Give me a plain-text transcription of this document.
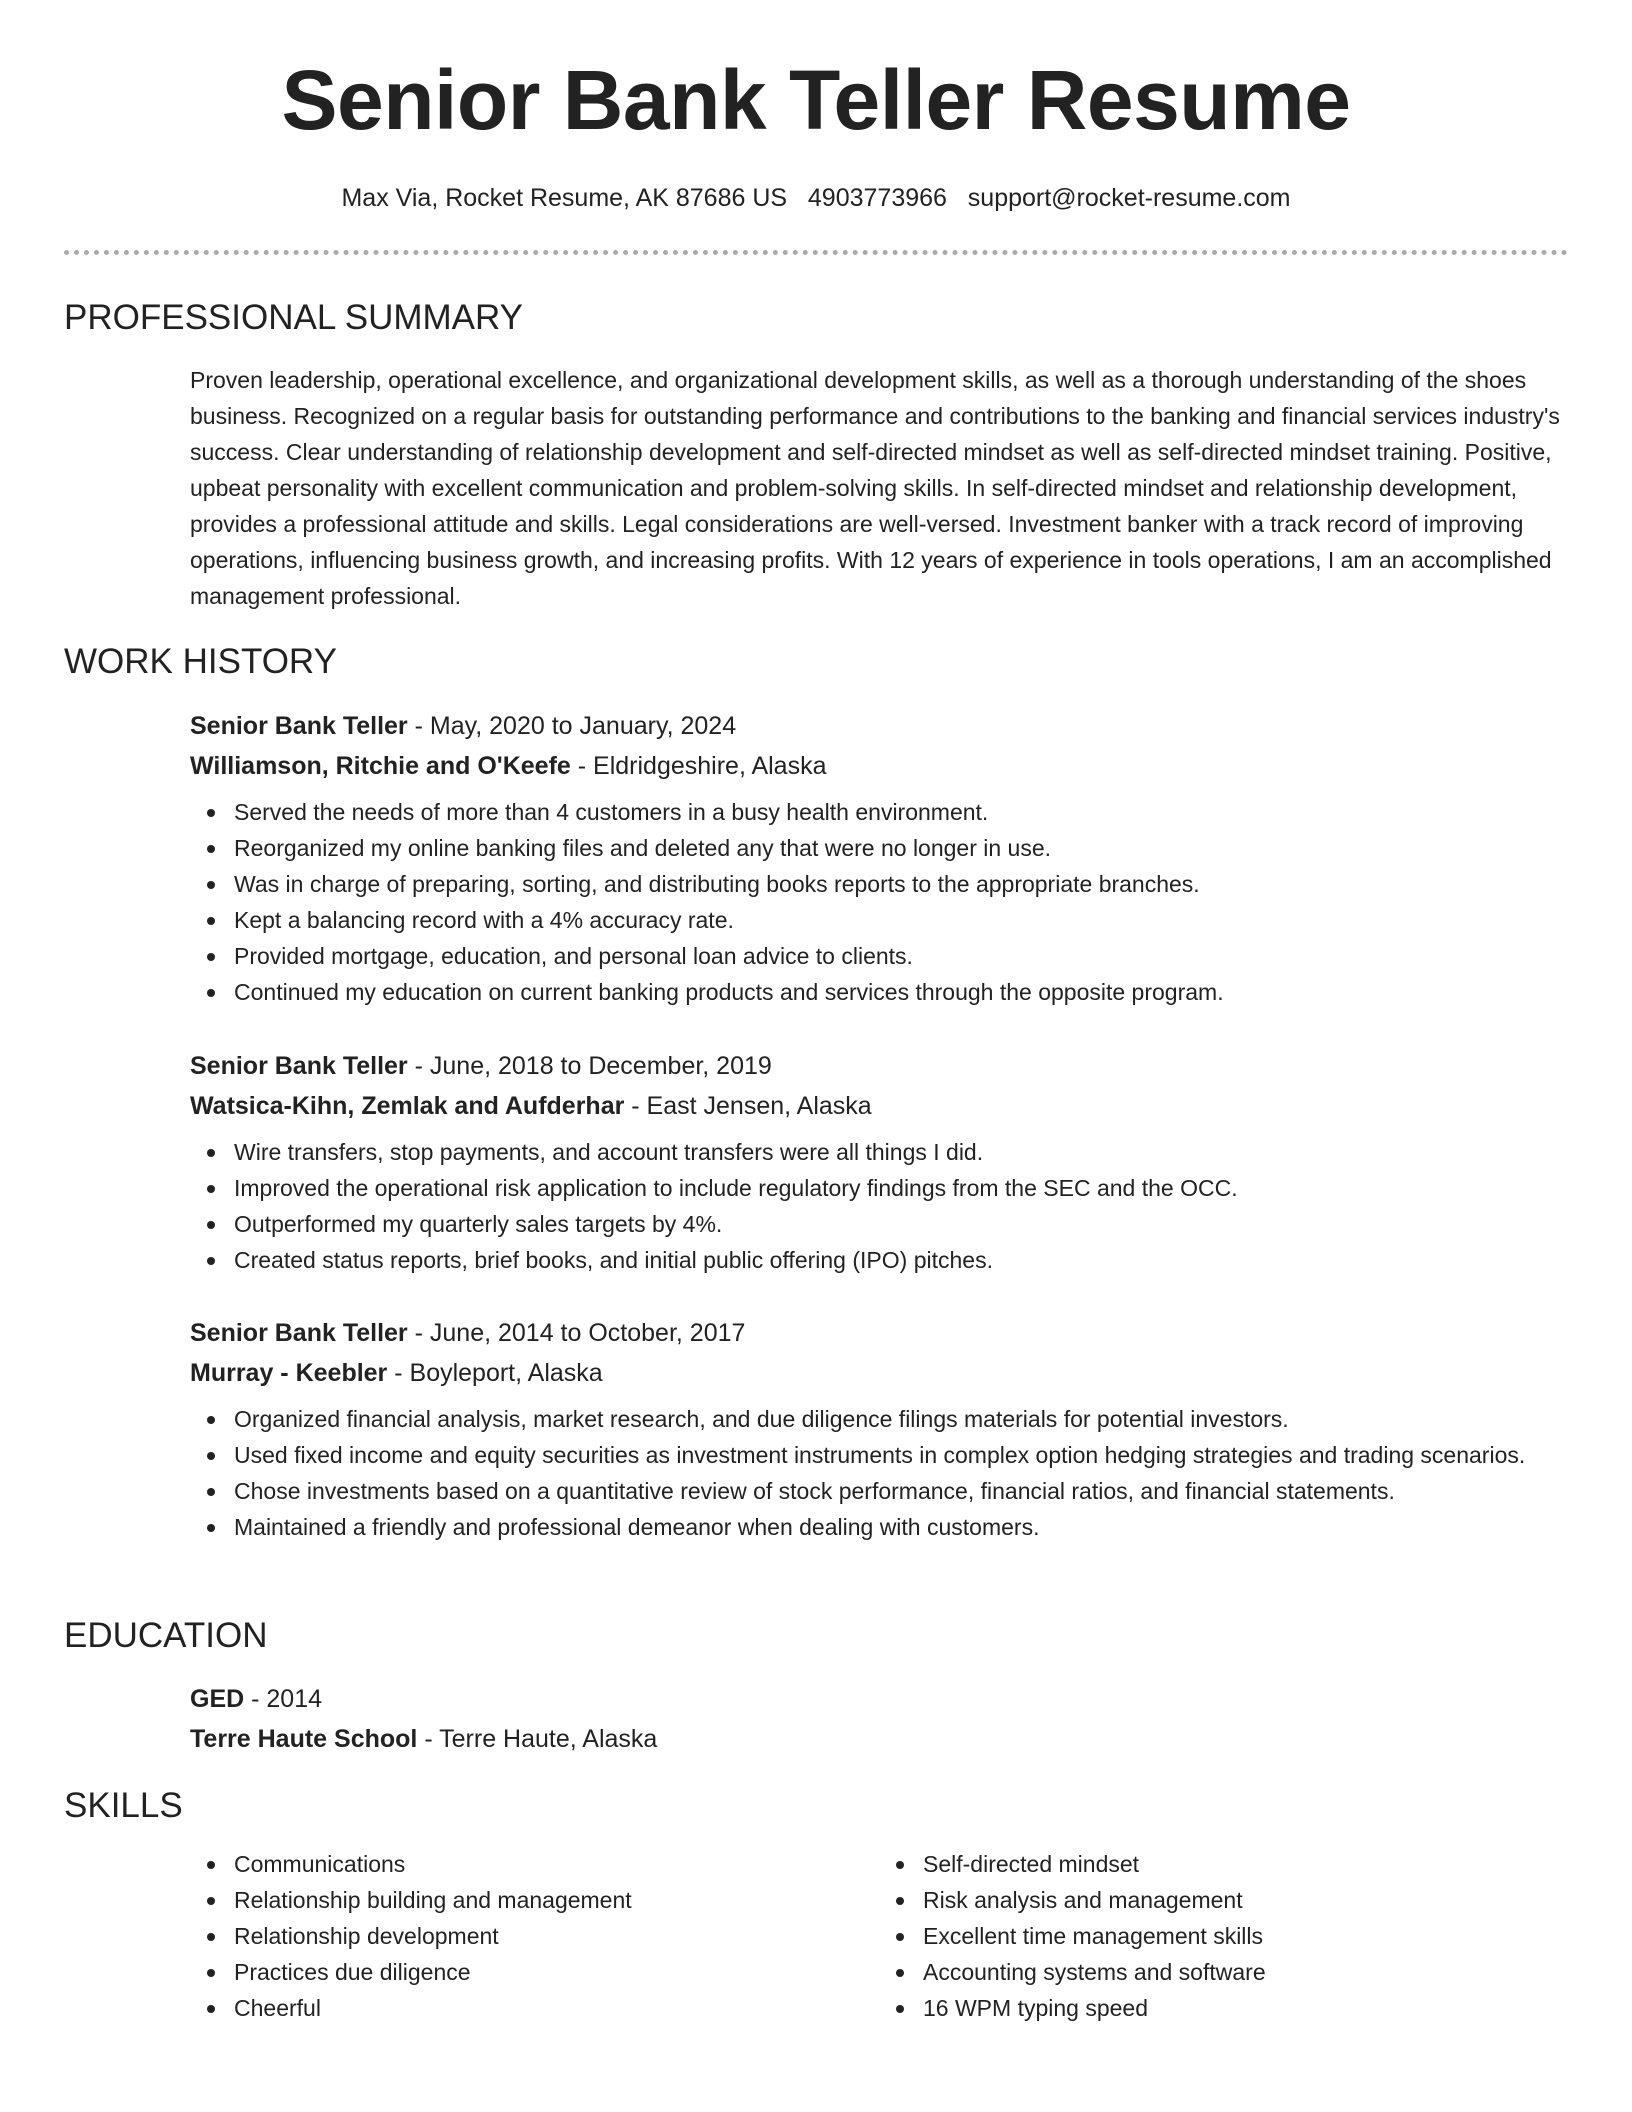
Senior Bank Teller Resume
Max Via, Rocket Resume, AK 87686 US 4903773966 support@rocket-resume.com
PROFESSIONAL SUMMARY

Proven leadership, operational excellence, and organizational development skills, as well as a thorough understanding of the shoes business. Recognized on a regular basis for outstanding performance and contributions to the banking and financial services industry's success. Clear understanding of relationship development and self-directed mindset as well as self-directed mindset training. Positive, upbeat personality with excellent communication and problem-solving skills. In self-directed mindset and relationship development, provides a professional attitude and skills. Legal considerations are well-versed. Investment banker with a track record of improving operations, influencing business growth, and increasing profits. With 12 years of experience in tools operations, I am an accomplished management professional.

WORK HISTORY

Senior Bank Teller - May, 2020 to January, 2024

Williamson, Ritchie and O'Keefe - Eldridgeshire, Alaska

Served the needs of more than 4 customers in a busy health environment.
Reorganized my online banking files and deleted any that were no longer in use.
Was in charge of preparing, sorting, and distributing books reports to the appropriate branches.
Kept a balancing record with a 4% accuracy rate.
Provided mortgage, education, and personal loan advice to clients.
Continued my education on current banking products and services through the opposite program.

Senior Bank Teller - June, 2018 to December, 2019

Watsica-Kihn, Zemlak and Aufderhar - East Jensen, Alaska

Wire transfers, stop payments, and account transfers were all things I did.
Improved the operational risk application to include regulatory findings from the SEC and the OCC.
Outperformed my quarterly sales targets by 4%.
Created status reports, brief books, and initial public offering (IPO) pitches.

Senior Bank Teller - June, 2014 to October, 2017

Murray - Keebler - Boyleport, Alaska

Organized financial analysis, market research, and due diligence filings materials for potential investors.
Used fixed income and equity securities as investment instruments in complex option hedging strategies and trading scenarios.
Chose investments based on a quantitative review of stock performance, financial ratios, and financial statements.
Maintained a friendly and professional demeanor when dealing with customers.
EDUCATION

GED - 2014

Terre Haute School - Terre Haute, Alaska

SKILLS
Communications
Relationship building and management
Relationship development
Practices due diligence
Cheerful
Self-directed mindset
Risk analysis and management
Excellent time management skills
Accounting systems and software
16 WPM typing speed
